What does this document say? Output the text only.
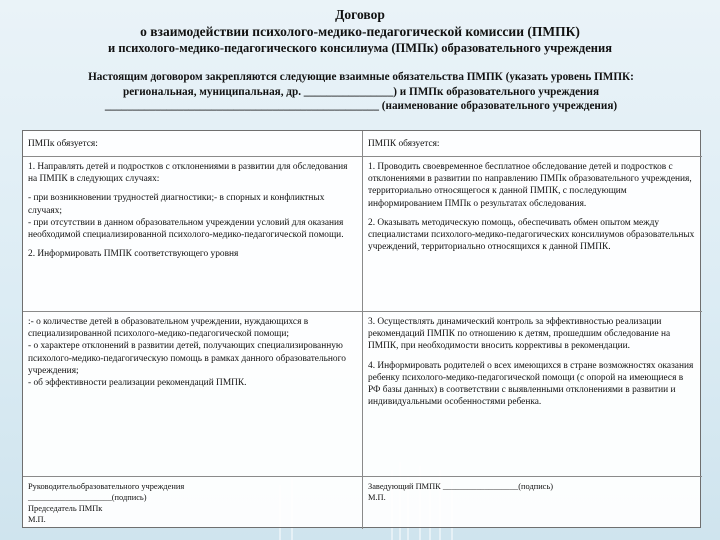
Договор
о взаимодействии психолого-медико-педагогической комиссии (ПМПК)
и психолого-медико-педагогического консилиума (ПМПк) образовательного учреждения
Настоящим договором закрепляются следующие взаимные обязательства ПМПК (указать уровень ПМПК:
региональная, муниципальная, др. ________________) и ПМПк образовательного учреждения
_________________________________________________ (наименование образовательного учреждения)
ПМПк обязуется:	ПМПК обязуется:

1. Направлять детей и подростков с отклонениями в развитии для обследования на ПМПК в следующих случаях:

- при возникновении трудностей диагностики;- в спорных и конфликтных случаях;

- при отсутствии в данном образовательном учреждении условий для оказания необходимой специализированной психолого-медико-педагогической помощи.

2. Информировать ПМПК соответствующего уровня

1. Проводить своевременное бесплатное обследование детей и подростков с отклонениями в развитии по направлению ПМПк образовательного учреждения, территориально относящегося к данной ПМПК, с последующим информированием ПМПк о результатах обследования.

2. Оказывать методическую помощь, обеспечивать обмен опытом между специалистами психолого-медико-педагогических консилиумов образовательных учреждений, территориально относящихся к данной ПМПК.

:- о количестве детей в образовательном учреждении, нуждающихся в специализированной психолого-медико-педагогической помощи;

- о характере отклонений в развитии детей, получающих специализированную психолого-медико-педагогическую помощь в рамках данного образовательного учреждения;

- об эффективности реализации рекомендаций ПМПК.

3. Осуществлять динамический контроль за эффективностью реализации рекомендаций ПМПК по отношению к детям, прошедшим обследование на ПМПК, при необходимости вносить коррективы в рекомендации.

4. Информировать родителей о всех имеющихся в стране возможностях оказания ребенку психолого-медико-педагогической помощи (с опорой на имеющиеся в РФ базы данных) в соответствии с выявленными отклонениями в развитии и индивидуальными особенностями ребенка.

Руководительобразовательного учреждения
____________________(подпись)
Председатель ПМПк
М.П.
Заведующий ПМПК __________________(подпись)
М.П.
